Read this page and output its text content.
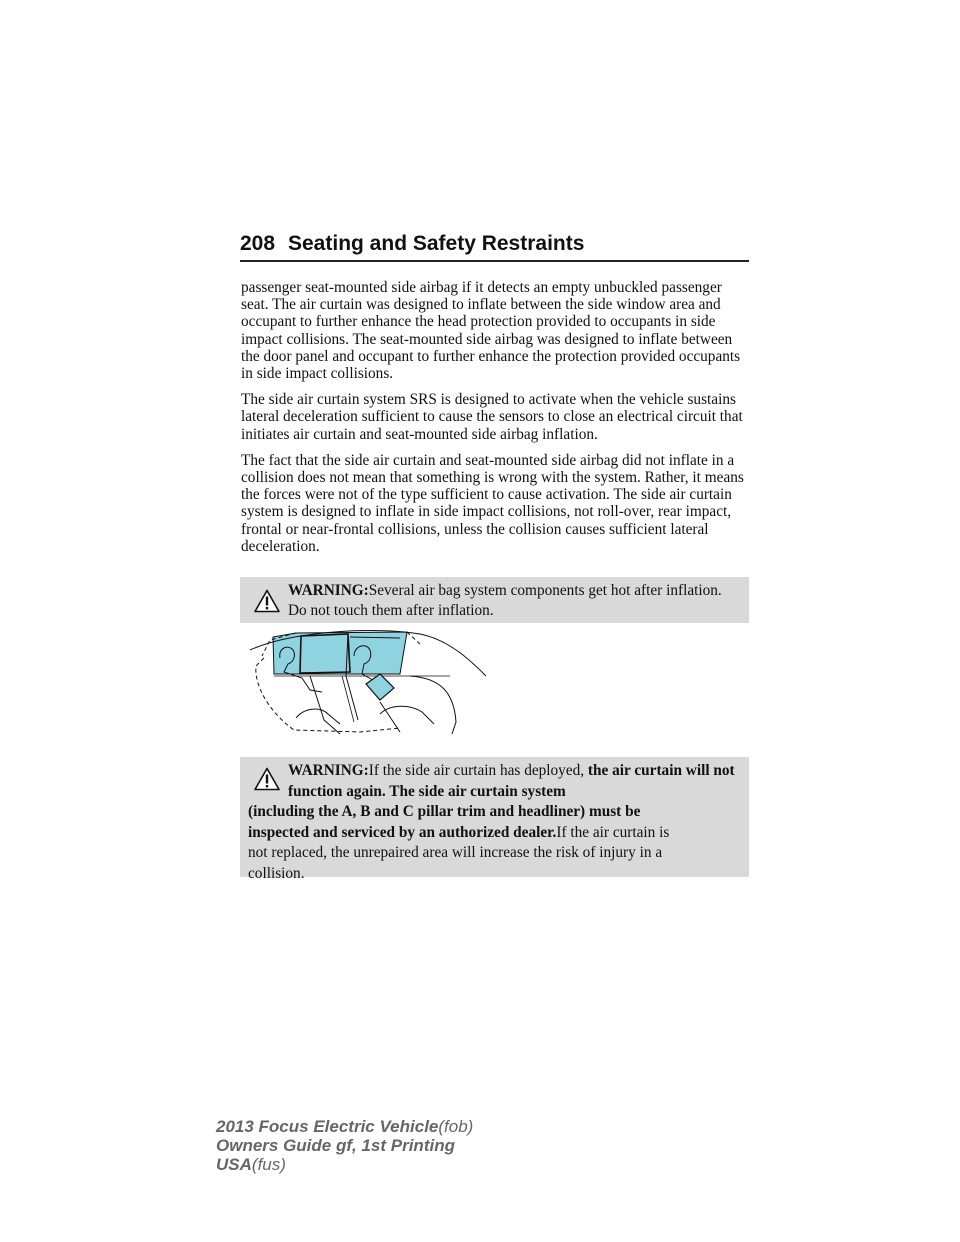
208 Seating and Safety Restraints

passenger seat-mounted side airbag if it detects an empty unbuckled passenger seat. The air curtain was designed to inflate between the side window area and occupant to further enhance the head protection provided to occupants in side impact collisions. The seat-mounted side airbag was designed to inflate between the door panel and occupant to further enhance the protection provided occupants in side impact collisions.

The side air curtain system SRS is designed to activate when the vehicle sustains lateral deceleration sufficient to cause the sensors to close an electrical circuit that initiates air curtain and seat-mounted side airbag inflation.

The fact that the side air curtain and seat-mounted side airbag did not inflate in a collision does not mean that something is wrong with the system. Rather, it means the forces were not of the type sufficient to cause activation. The side air curtain system is designed to inflate in side impact collisions, not roll-over, rear impact, frontal or near-frontal collisions, unless the collision causes sufficient lateral deceleration.

WARNING:Several air bag system components get hot after inflation. Do not touch them after inflation.
WARNING:If the side air curtain has deployed, the air curtain will not function again. The side air curtain system
(including the A, B and C pillar trim and headliner) must be
inspected and serviced by an authorized dealer.If the air curtain is
not replaced, the unrepaired area will increase the risk of injury in a
collision.
2013 Focus Electric Vehicle(fob)
Owners Guide gf, 1st Printing
USA(fus)
